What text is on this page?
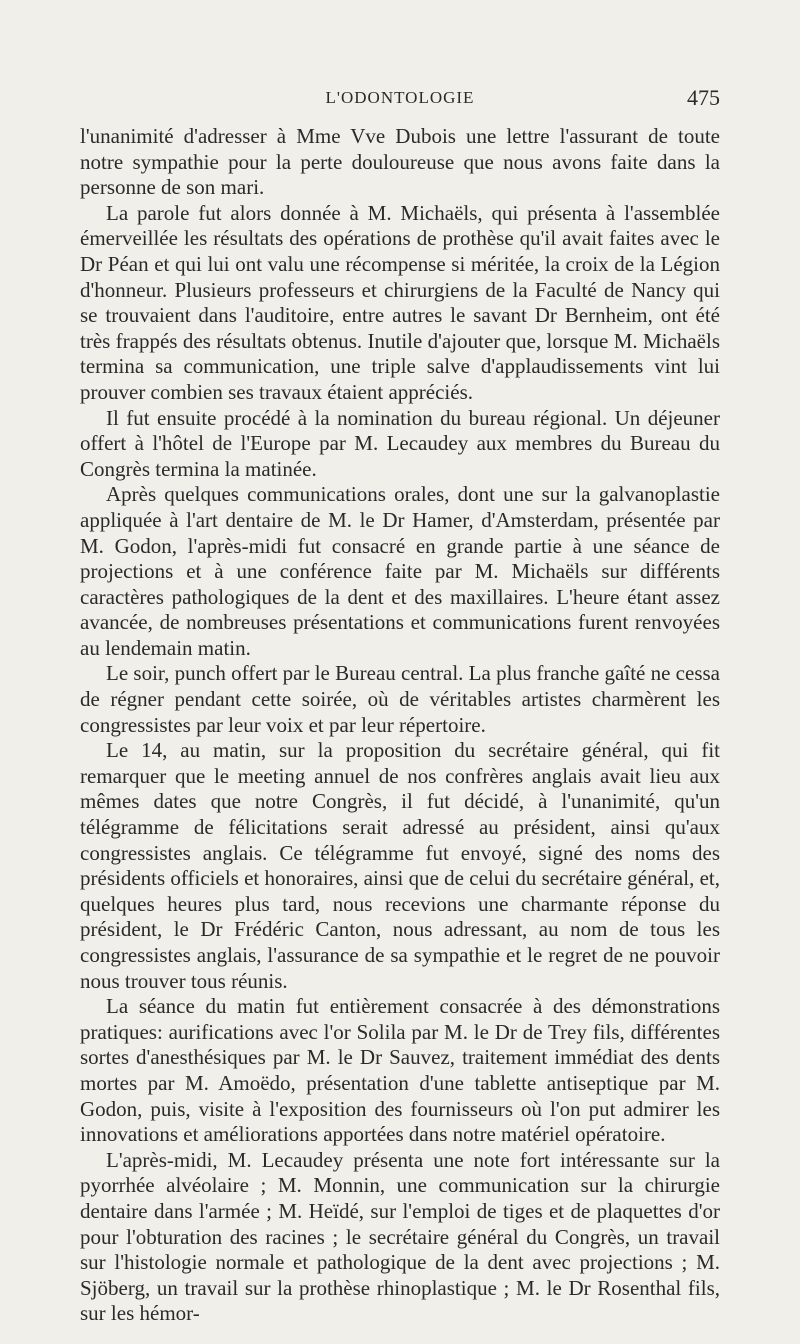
L'ODONTOLOGIE	475

l'unanimité d'adresser à Mme Vve Dubois une lettre l'assurant de toute notre sympathie pour la perte douloureuse que nous avons faite dans la personne de son mari.

La parole fut alors donnée à M. Michaëls, qui présenta à l'assemblée émerveillée les résultats des opérations de prothèse qu'il avait faites avec le Dr Péan et qui lui ont valu une récompense si méritée, la croix de la Légion d'honneur. Plusieurs professeurs et chirurgiens de la Faculté de Nancy qui se trouvaient dans l'auditoire, entre autres le savant Dr Bernheim, ont été très frappés des résultats obtenus. Inutile d'ajouter que, lorsque M. Michaëls termina sa communication, une triple salve d'applaudissements vint lui prouver combien ses travaux étaient appréciés.

Il fut ensuite procédé à la nomination du bureau régional. Un déjeuner offert à l'hôtel de l'Europe par M. Lecaudey aux membres du Bureau du Congrès termina la matinée.

Après quelques communications orales, dont une sur la galvanoplastie appliquée à l'art dentaire de M. le Dr Hamer, d'Amsterdam, présentée par M. Godon, l'après-midi fut consacré en grande partie à une séance de projections et à une conférence faite par M. Michaëls sur différents caractères pathologiques de la dent et des maxillaires. L'heure étant assez avancée, de nombreuses présentations et communications furent renvoyées au lendemain matin.

Le soir, punch offert par le Bureau central. La plus franche gaîté ne cessa de régner pendant cette soirée, où de véritables artistes charmèrent les congressistes par leur voix et par leur répertoire.

Le 14, au matin, sur la proposition du secrétaire général, qui fit remarquer que le meeting annuel de nos confrères anglais avait lieu aux mêmes dates que notre Congrès, il fut décidé, à l'unanimité, qu'un télégramme de félicitations serait adressé au président, ainsi qu'aux congressistes anglais. Ce télégramme fut envoyé, signé des noms des présidents officiels et honoraires, ainsi que de celui du secrétaire général, et, quelques heures plus tard, nous recevions une charmante réponse du président, le Dr Frédéric Canton, nous adressant, au nom de tous les congressistes anglais, l'assurance de sa sympathie et le regret de ne pouvoir nous trouver tous réunis.

La séance du matin fut entièrement consacrée à des démonstrations pratiques: aurifications avec l'or Solila par M. le Dr de Trey fils, différentes sortes d'anesthésiques par M. le Dr Sauvez, traitement immédiat des dents mortes par M. Amoëdo, présentation d'une tablette antiseptique par M. Godon, puis, visite à l'exposition des fournisseurs où l'on put admirer les innovations et améliorations apportées dans notre matériel opératoire.

L'après-midi, M. Lecaudey présenta une note fort intéressante sur la pyorrhée alvéolaire ; M. Monnin, une communication sur la chirurgie dentaire dans l'armée ; M. Heïdé, sur l'emploi de tiges et de plaquettes d'or pour l'obturation des racines ; le secrétaire général du Congrès, un travail sur l'histologie normale et pathologique de la dent avec projections ; M. Sjöberg, un travail sur la prothèse rhinoplastique ; M. le Dr Rosenthal fils, sur les hémor-
